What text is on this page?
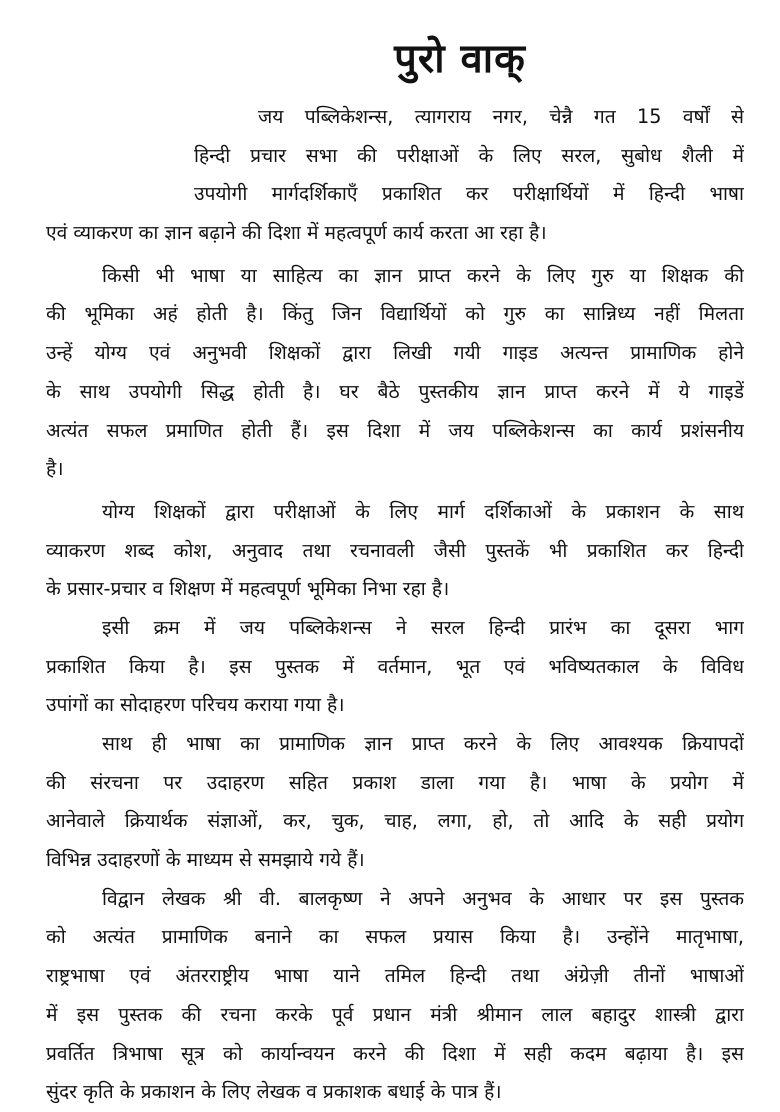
पुरो वाक्
जय पब्लिकेशन्स, त्यागराय नगर, चेन्नै गत 15 वर्षों से
हिन्दी प्रचार सभा की परीक्षाओं के लिए सरल, सुबोध शैली में
उपयोगी मार्गदर्शिकाएँ प्रकाशित कर परीक्षार्थियों में हिन्दी भाषा
एवं व्याकरण का ज्ञान बढ़ाने की दिशा में महत्वपूर्ण कार्य करता आ रहा है।
किसी भी भाषा या साहित्य का ज्ञान प्राप्त करने के लिए गुरु या शिक्षक की
की भूमिका अहं होती है। किंतु जिन विद्यार्थियों को गुरु का सान्निध्य नहीं मिलता
उन्हें योग्य एवं अनुभवी शिक्षकों द्वारा लिखी गयी गाइड अत्यन्त प्रामाणिक होने
के साथ उपयोगी सिद्ध होती है। घर बैठे पुस्तकीय ज्ञान प्राप्त करने में ये गाइडें
अत्यंत सफल प्रमाणित होती हैं। इस दिशा में जय पब्लिकेशन्स का कार्य प्रशंसनीय
है।
योग्य शिक्षकों द्वारा परीक्षाओं के लिए मार्ग दर्शिकाओं के प्रकाशन के साथ
व्याकरण शब्द कोश, अनुवाद तथा रचनावली जैसी पुस्तकें भी प्रकाशित कर हिन्दी
के प्रसार-प्रचार व शिक्षण में महत्वपूर्ण भूमिका निभा रहा है।
इसी क्रम में जय पब्लिकेशन्स ने सरल हिन्दी प्रारंभ का दूसरा भाग
प्रकाशित किया है। इस पुस्तक में वर्तमान, भूत एवं भविष्यतकाल के विविध
उपांगों का सोदाहरण परिचय कराया गया है।
साथ ही भाषा का प्रामाणिक ज्ञान प्राप्त करने के लिए आवश्यक क्रियापदों
की संरचना पर उदाहरण सहित प्रकाश डाला गया है। भाषा के प्रयोग में
आनेवाले क्रियार्थक संज्ञाओं, कर, चुक, चाह, लगा, हो, तो आदि के सही प्रयोग
विभिन्न उदाहरणों के माध्यम से समझाये गये हैं।
विद्वान लेखक श्री वी. बालकृष्ण ने अपने अनुभव के आधार पर इस पुस्तक
को अत्यंत प्रामाणिक बनाने का सफल प्रयास किया है। उन्होंने मातृभाषा,
राष्ट्रभाषा एवं अंतरराष्ट्रीय भाषा याने तमिल हिन्दी तथा अंग्रेज़ी तीनों भाषाओं
में इस पुस्तक की रचना करके पूर्व प्रधान मंत्री श्रीमान लाल बहादुर शास्त्री द्वारा
प्रवर्तित त्रिभाषा सूत्र को कार्यान्वयन करने की दिशा में सही कदम बढ़ाया है। इस
सुंदर कृति के प्रकाशन के लिए लेखक व प्रकाशक बधाई के पात्र हैं।
